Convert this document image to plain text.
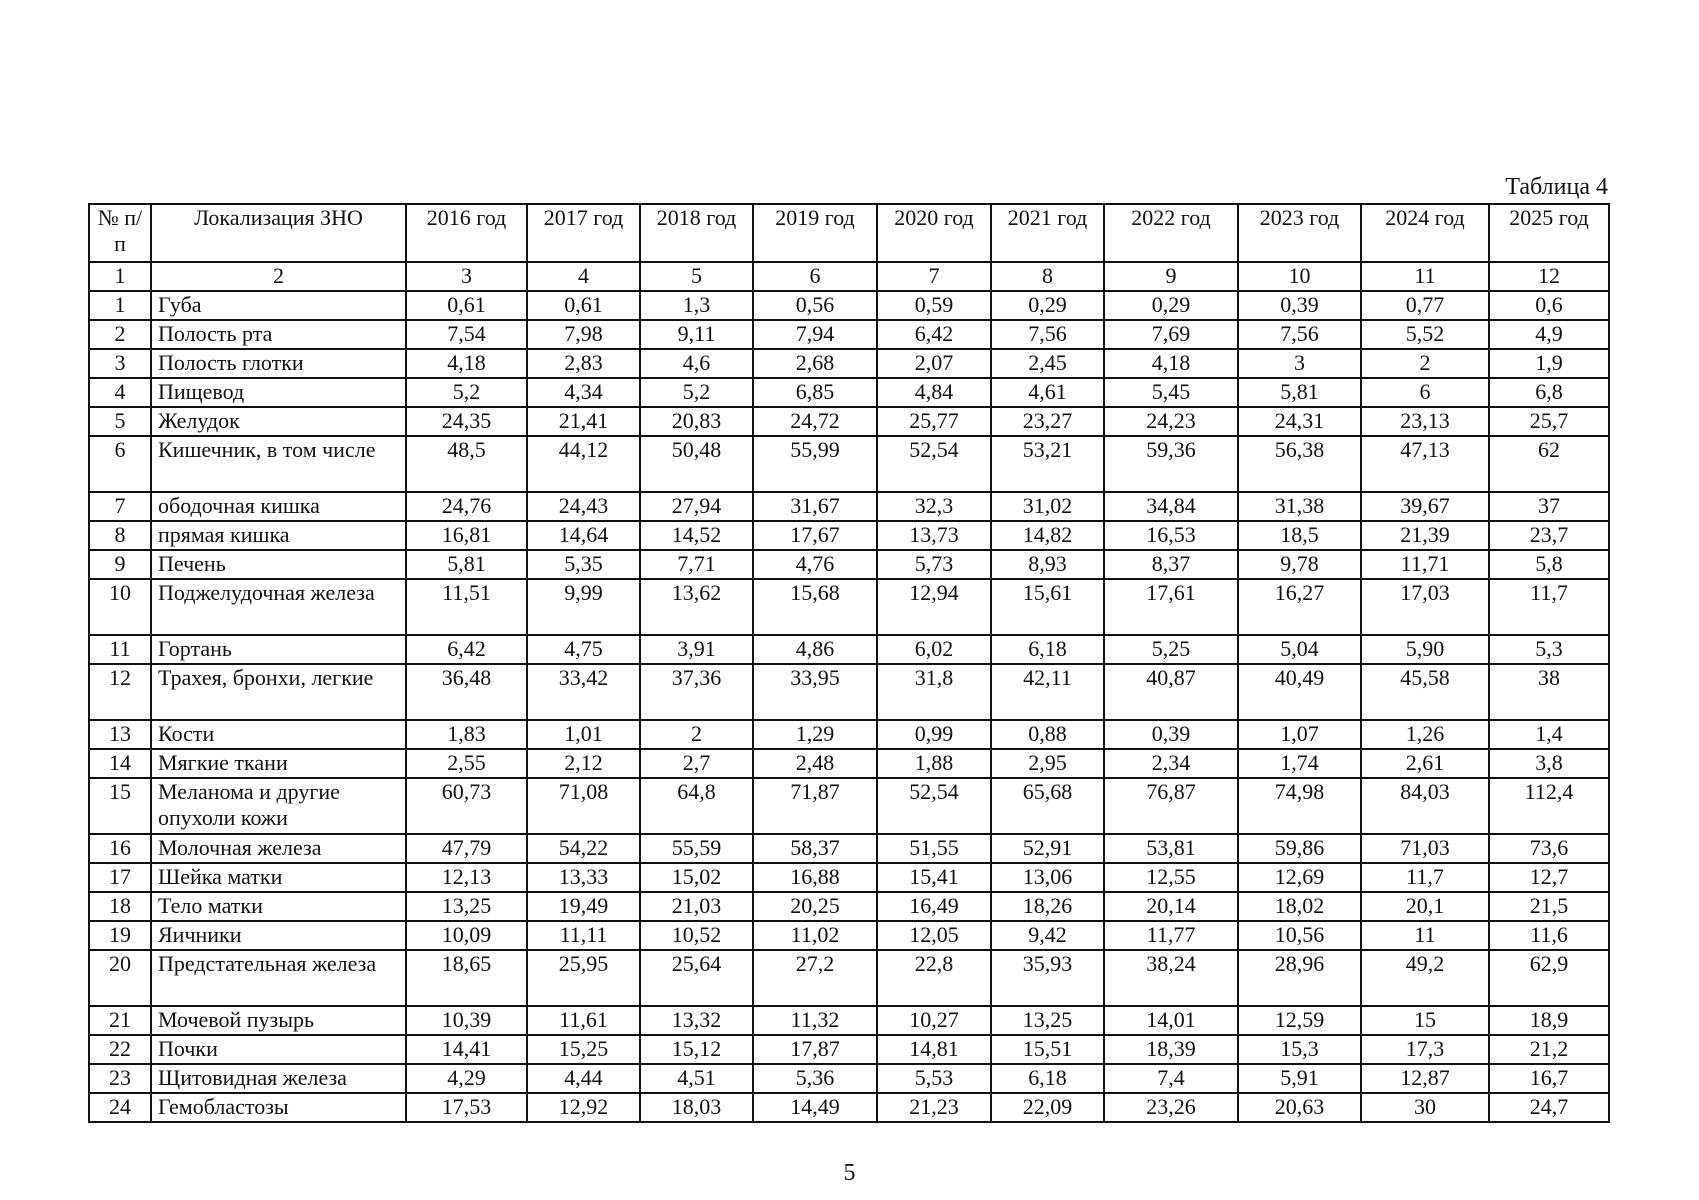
Таблица 4
№ п/п	Локализация ЗНО	2016 год	2017 год	2018 год	2019 год	2020 год	2021 год	2022 год	2023 год	2024 год	2025 год
1	2	3	4	5	6	7	8	9	10	11	12
1	Губа	0,61	0,61	1,3	0,56	0,59	0,29	0,29	0,39	0,77	0,6
2	Полость рта	7,54	7,98	9,11	7,94	6,42	7,56	7,69	7,56	5,52	4,9
3	Полость глотки	4,18	2,83	4,6	2,68	2,07	2,45	4,18	3	2	1,9
4	Пищевод	5,2	4,34	5,2	6,85	4,84	4,61	5,45	5,81	6	6,8
5	Желудок	24,35	21,41	20,83	24,72	25,77	23,27	24,23	24,31	23,13	25,7
6	Кишечник, в том числе	48,5	44,12	50,48	55,99	52,54	53,21	59,36	56,38	47,13	62
7	ободочная кишка	24,76	24,43	27,94	31,67	32,3	31,02	34,84	31,38	39,67	37
8	прямая кишка	16,81	14,64	14,52	17,67	13,73	14,82	16,53	18,5	21,39	23,7
9	Печень	5,81	5,35	7,71	4,76	5,73	8,93	8,37	9,78	11,71	5,8
10	Поджелудочная железа	11,51	9,99	13,62	15,68	12,94	15,61	17,61	16,27	17,03	11,7
11	Гортань	6,42	4,75	3,91	4,86	6,02	6,18	5,25	5,04	5,90	5,3
12	Трахея, бронхи, легкие	36,48	33,42	37,36	33,95	31,8	42,11	40,87	40,49	45,58	38
13	Кости	1,83	1,01	2	1,29	0,99	0,88	0,39	1,07	1,26	1,4
14	Мягкие ткани	2,55	2,12	2,7	2,48	1,88	2,95	2,34	1,74	2,61	3,8
15	Меланома и другие опухоли кожи	60,73	71,08	64,8	71,87	52,54	65,68	76,87	74,98	84,03	112,4
16	Молочная железа	47,79	54,22	55,59	58,37	51,55	52,91	53,81	59,86	71,03	73,6
17	Шейка матки	12,13	13,33	15,02	16,88	15,41	13,06	12,55	12,69	11,7	12,7
18	Тело матки	13,25	19,49	21,03	20,25	16,49	18,26	20,14	18,02	20,1	21,5
19	Яичники	10,09	11,11	10,52	11,02	12,05	9,42	11,77	10,56	11	11,6
20	Предстательная железа	18,65	25,95	25,64	27,2	22,8	35,93	38,24	28,96	49,2	62,9
21	Мочевой пузырь	10,39	11,61	13,32	11,32	10,27	13,25	14,01	12,59	15	18,9
22	Почки	14,41	15,25	15,12	17,87	14,81	15,51	18,39	15,3	17,3	21,2
23	Щитовидная железа	4,29	4,44	4,51	5,36	5,53	6,18	7,4	5,91	12,87	16,7
24	Гемобластозы	17,53	12,92	18,03	14,49	21,23	22,09	23,26	20,63	30	24,7
5
